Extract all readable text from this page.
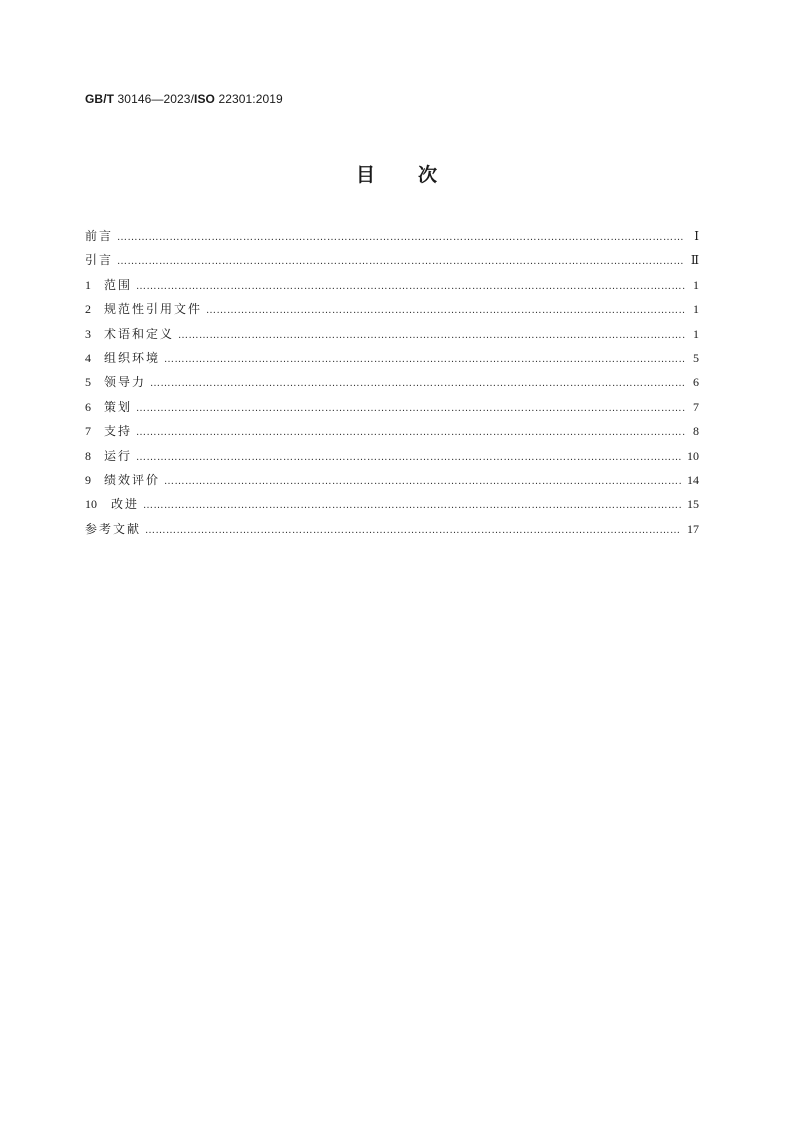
GB/T 30146—2023/ISO 22301:2019
目 次
前言 ……………………………………………………………………………………………………………………………………………………………………………………………………………………	Ⅰ
引言 ……………………………………………………………………………………………………………………………………………………………………………………………………………………	Ⅱ
1 范围 ……………………………………………………………………………………………………………………………………………………………………………………………………………………	1
2 规范性引用文件 ……………………………………………………………………………………………………………………………………………………………………………………………………………………	1
3 术语和定义 ……………………………………………………………………………………………………………………………………………………………………………………………………………………	1
4 组织环境 ……………………………………………………………………………………………………………………………………………………………………………………………………………………	5
5 领导力 ……………………………………………………………………………………………………………………………………………………………………………………………………………………	6
6 策划 ……………………………………………………………………………………………………………………………………………………………………………………………………………………	7
7 支持 ……………………………………………………………………………………………………………………………………………………………………………………………………………………	8
8 运行 ……………………………………………………………………………………………………………………………………………………………………………………………………………………	10
9 绩效评价 ……………………………………………………………………………………………………………………………………………………………………………………………………………………	14
10 改进 ……………………………………………………………………………………………………………………………………………………………………………………………………………………	15
参考文献 ……………………………………………………………………………………………………………………………………………………………………………………………………………………	17
